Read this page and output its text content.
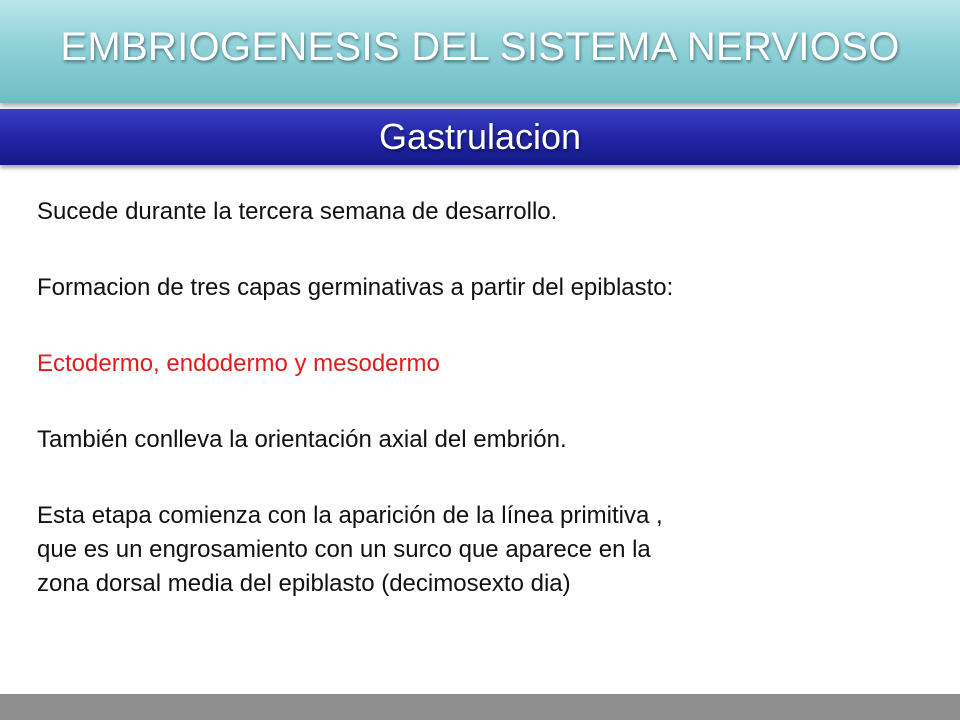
EMBRIOGENESIS DEL SISTEMA NERVIOSO
Gastrulacion

Sucede durante la tercera semana de desarrollo.

Formacion de tres capas germinativas a partir del epiblasto:

Ectodermo, endodermo y mesodermo

También conlleva la orientación axial del embrión.

Esta etapa comienza con la aparición de la línea primitiva ,

que es un engrosamiento con un surco que aparece en la

zona dorsal media del epiblasto (decimosexto dia)
